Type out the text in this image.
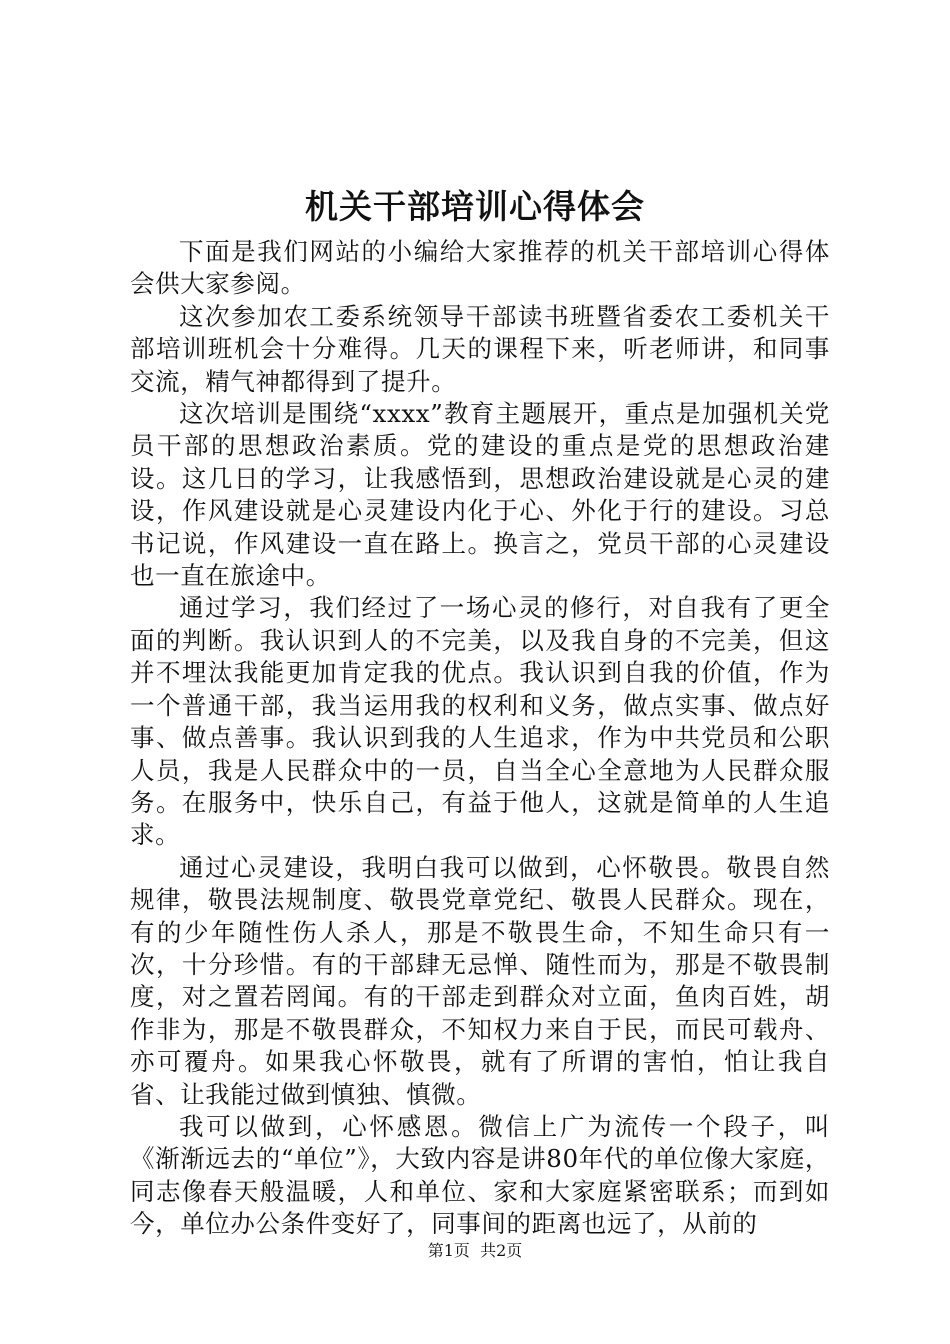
机关干部培训心得体会

下面是我们网站的小编给大家推荐的机关干部培训心得体会供大家参阅。

这次参加农工委系统领导干部读书班暨省委农工委机关干部培训班机会十分难得。几天的课程下来，听老师讲，和同事交流，精气神都得到了提升。

这次培训是围绕“xxxx”教育主题展开，重点是加强机关党员干部的思想政治素质。党的建设的重点是党的思想政治建设。这几日的学习，让我感悟到，思想政治建设就是心灵的建设，作风建设就是心灵建设内化于心、外化于行的建设。习总书记说，作风建设一直在路上。换言之，党员干部的心灵建设也一直在旅途中。

通过学习，我们经过了一场心灵的修行，对自我有了更全面的判断。我认识到人的不完美，以及我自身的不完美，但这并不埋汰我能更加肯定我的优点。我认识到自我的价值，作为一个普通干部，我当运用我的权利和义务，做点实事、做点好事、做点善事。我认识到我的人生追求，作为中共党员和公职人员，我是人民群众中的一员，自当全心全意地为人民群众服务。在服务中，快乐自己，有益于他人，这就是简单的人生追求。

通过心灵建设，我明白我可以做到，心怀敬畏。敬畏自然规律，敬畏法规制度、敬畏党章党纪、敬畏人民群众。现在，有的少年随性伤人杀人，那是不敬畏生命，不知生命只有一次，十分珍惜。有的干部肆无忌惮、随性而为，那是不敬畏制度，对之置若罔闻。有的干部走到群众对立面，鱼肉百姓，胡作非为，那是不敬畏群众，不知权力来自于民，而民可载舟、亦可覆舟。如果我心怀敬畏，就有了所谓的害怕，怕让我自省、让我能过做到慎独、慎微。

我可以做到，心怀感恩。微信上广为流传一个段子，叫《渐渐远去的“单位”》，大致内容是讲80年代的单位像大家庭，同志像春天般温暖，人和单位、家和大家庭紧密联系；而到如今，单位办公条件变好了，同事间的距离也远了，从前的

第1页  共2页
